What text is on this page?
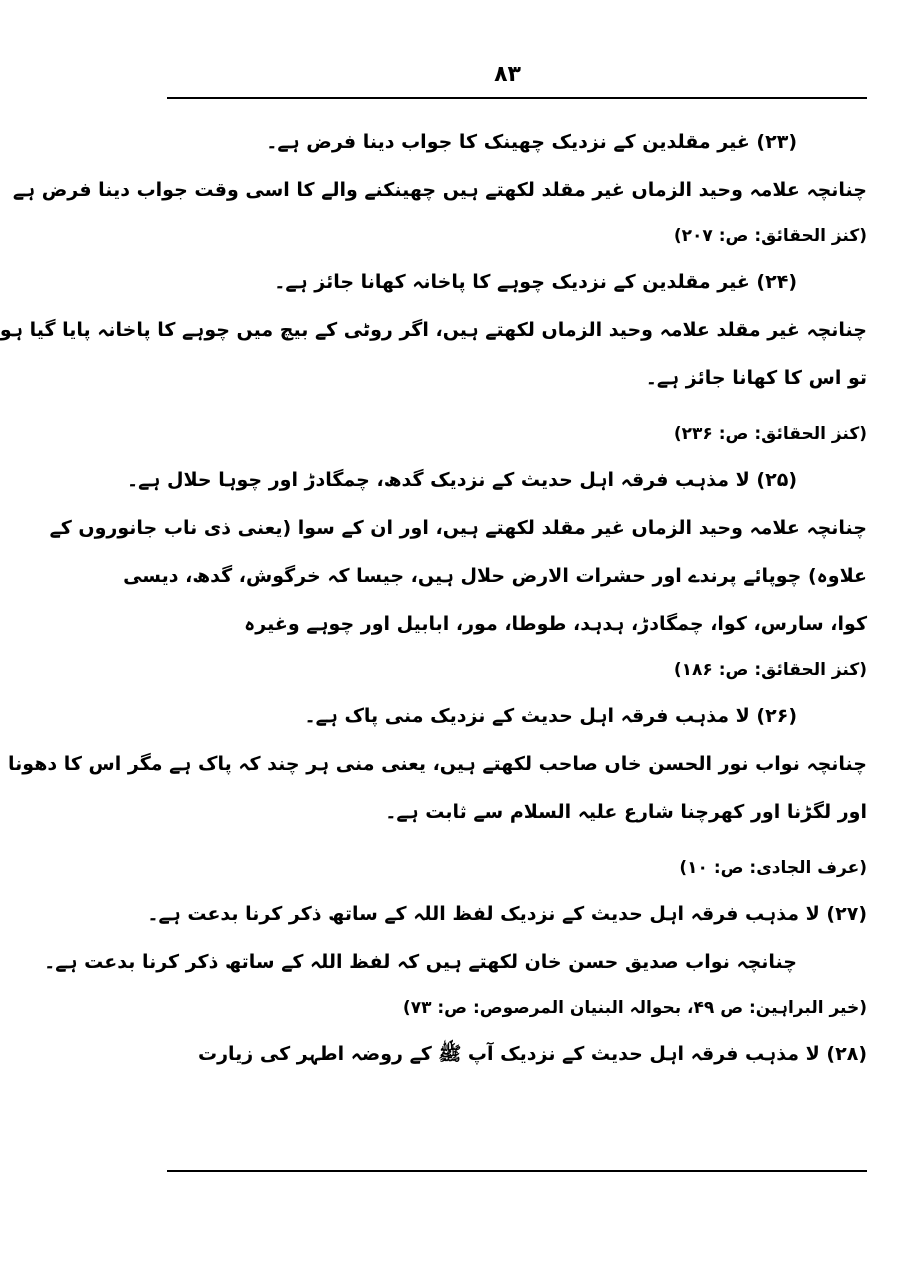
۸۳
(۲۳) غیر مقلدین کے نزدیک چھینک کا جواب دینا فرض ہے۔
چنانچہ علامہ وحید الزماں غیر مقلد لکھتے ہیں چھینکنے والے کا اسی وقت جواب دینا فرض ہے
(کنز الحقائق: ص: ۲۰۷)
(۲۴) غیر مقلدین کے نزدیک چوہے کا پاخانہ کھانا جائز ہے۔
چنانچہ غیر مقلد علامہ وحید الزماں لکھتے ہیں، اگر روٹی کے بیچ میں چوہے کا پاخانہ پایا گیا ہو
تو اس کا کھانا جائز ہے۔
(کنز الحقائق: ص: ۲۳۶)
(۲۵) لا مذہب فرقہ اہل حدیث کے نزدیک گدھ، چمگادڑ اور چوہا حلال ہے۔
چنانچہ علامہ وحید الزماں غیر مقلد لکھتے ہیں، اور ان کے سوا (یعنی ذی ناب جانوروں کے
علاوہ) چوپائے پرندے اور حشرات الارض حلال ہیں، جیسا کہ خرگوش، گدھ، دیسی
کوا، سارس، کوا، چمگادڑ، ہدہد، طوطا، مور، ابابیل اور چوہے وغیرہ
(کنز الحقائق: ص: ۱۸۶)
(۲۶) لا مذہب فرقہ اہل حدیث کے نزدیک منی پاک ہے۔
چنانچہ نواب نور الحسن خاں صاحب لکھتے ہیں، یعنی منی ہر چند کہ پاک ہے مگر اس کا دھونا
اور لگڑنا اور کھرچنا شارع علیہ السلام سے ثابت ہے۔
(عرف الجادی: ص: ۱۰)
(۲۷) لا مذہب فرقہ اہل حدیث کے نزدیک لفظ اللہ کے ساتھ ذکر کرنا بدعت ہے۔
چنانچہ نواب صدیق حسن خان لکھتے ہیں کہ لفظ اللہ کے ساتھ ذکر کرنا بدعت ہے۔
(خیر البراہین: ص ۴۹، بحوالہ البنیان المرصوص: ص: ۷۳)
(۲۸) لا مذہب فرقہ اہل حدیث کے نزدیک آپ ﷺ کے روضہ اطہر کی زیارت
